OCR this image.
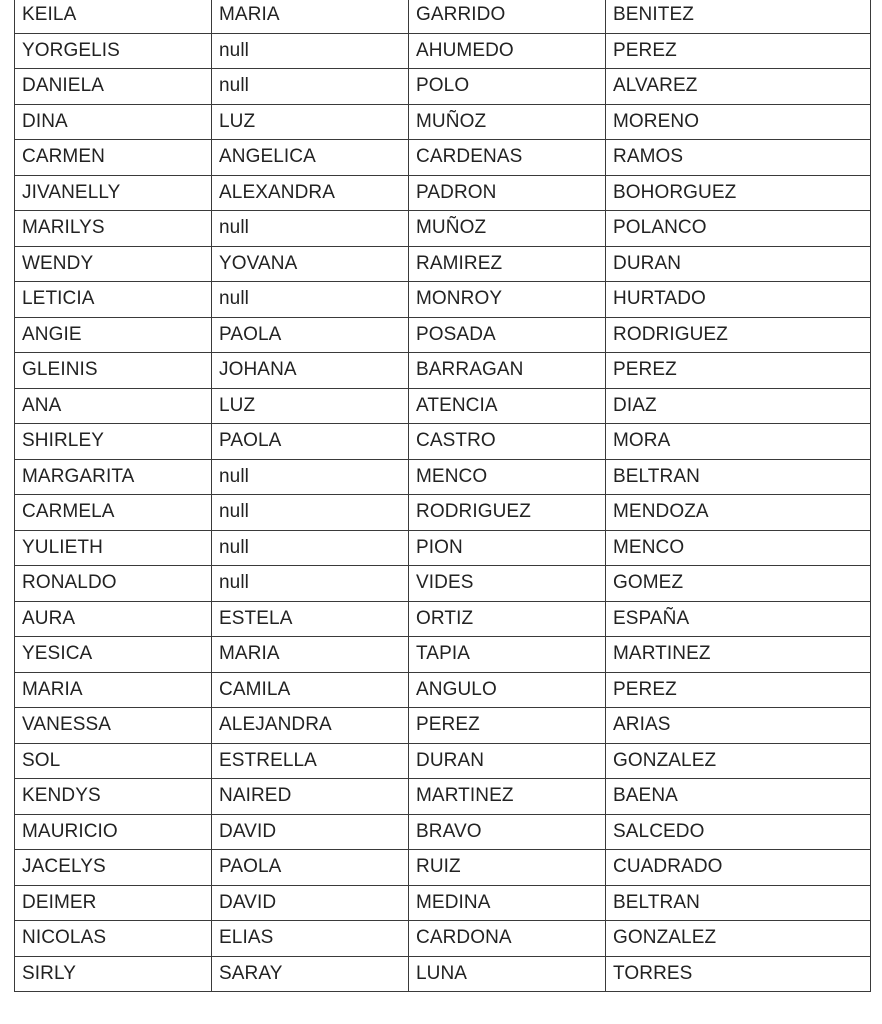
KEILA	MARIA	GARRIDO	BENITEZ
YORGELIS	null	AHUMEDO	PEREZ
DANIELA	null	POLO	ALVAREZ
DINA	LUZ	MUÑOZ	MORENO
CARMEN	ANGELICA	CARDENAS	RAMOS
JIVANELLY	ALEXANDRA	PADRON	BOHORGUEZ
MARILYS	null	MUÑOZ	POLANCO
WENDY	YOVANA	RAMIREZ	DURAN
LETICIA	null	MONROY	HURTADO
ANGIE	PAOLA	POSADA	RODRIGUEZ
GLEINIS	JOHANA	BARRAGAN	PEREZ
ANA	LUZ	ATENCIA	DIAZ
SHIRLEY	PAOLA	CASTRO	MORA
MARGARITA	null	MENCO	BELTRAN
CARMELA	null	RODRIGUEZ	MENDOZA
YULIETH	null	PION	MENCO
RONALDO	null	VIDES	GOMEZ
AURA	ESTELA	ORTIZ	ESPAÑA
YESICA	MARIA	TAPIA	MARTINEZ
MARIA	CAMILA	ANGULO	PEREZ
VANESSA	ALEJANDRA	PEREZ	ARIAS
SOL	ESTRELLA	DURAN	GONZALEZ
KENDYS	NAIRED	MARTINEZ	BAENA
MAURICIO	DAVID	BRAVO	SALCEDO
JACELYS	PAOLA	RUIZ	CUADRADO
DEIMER	DAVID	MEDINA	BELTRAN
NICOLAS	ELIAS	CARDONA	GONZALEZ
SIRLY	SARAY	LUNA	TORRES
